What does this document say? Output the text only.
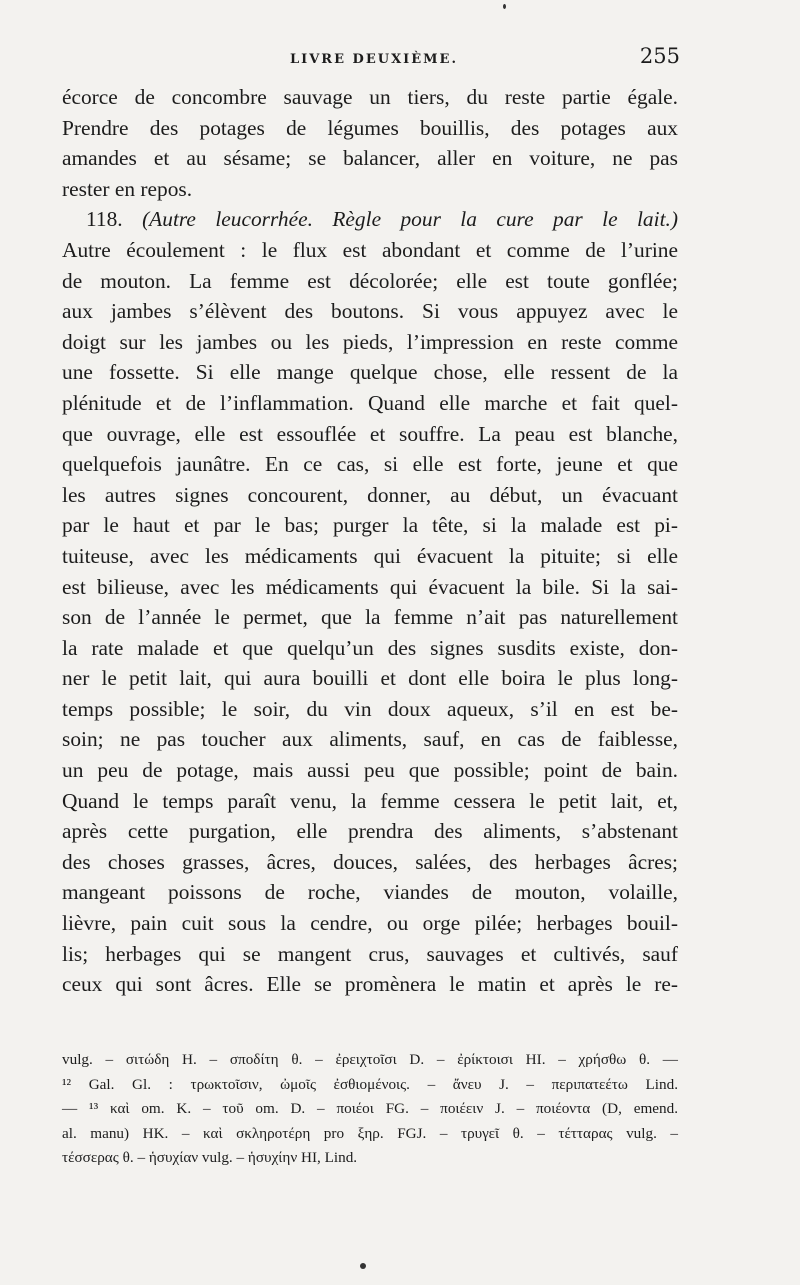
LIVRE DEUXIÈME.	255
écorce de concombre sauvage un tiers, du reste partie égale.
Prendre des potages de légumes bouillis, des potages aux
amandes et au sésame; se balancer, aller en voiture, ne pas
rester en repos.
118. (Autre leucorrhée. Règle pour la cure par le lait.)
Autre écoulement : le flux est abondant et comme de l’urine
de mouton. La femme est décolorée; elle est toute gonflée;
aux jambes s’élèvent des boutons. Si vous appuyez avec le
doigt sur les jambes ou les pieds, l’impression en reste comme
une fossette. Si elle mange quelque chose, elle ressent de la
plénitude et de l’inflammation. Quand elle marche et fait quel-
que ouvrage, elle est essouflée et souffre. La peau est blanche,
quelquefois jaunâtre. En ce cas, si elle est forte, jeune et que
les autres signes concourent, donner, au début, un évacuant
par le haut et par le bas; purger la tête, si la malade est pi-
tuiteuse, avec les médicaments qui évacuent la pituite; si elle
est bilieuse, avec les médicaments qui évacuent la bile. Si la sai-
son de l’année le permet, que la femme n’ait pas naturellement
la rate malade et que quelqu’un des signes susdits existe, don-
ner le petit lait, qui aura bouilli et dont elle boira le plus long-
temps possible; le soir, du vin doux aqueux, s’il en est be-
soin; ne pas toucher aux aliments, sauf, en cas de faiblesse,
un peu de potage, mais aussi peu que possible; point de bain.
Quand le temps paraît venu, la femme cessera le petit lait, et,
après cette purgation, elle prendra des aliments, s’abstenant
des choses grasses, âcres, douces, salées, des herbages âcres;
mangeant poissons de roche, viandes de mouton, volaille,
lièvre, pain cuit sous la cendre, ou orge pilée; herbages bouil-
lis; herbages qui se mangent crus, sauvages et cultivés, sauf
ceux qui sont âcres. Elle se promènera le matin et après le re-
vulg. – σιτώδη H. – σποδίτη θ. – ἐρειχτοῖσι D. – ἐρίκτοισι HI. – χρήσθω θ. —
¹² Gal. Gl. : τρωκτοῖσιν, ὠμοῖς ἐσθιομένοις. – ἄνευ J. – περιπατεέτω Lind.
— ¹³ καὶ om. K. – τοῦ om. D. – ποιέοι FG. – ποιέειν J. – ποιέοντα (D, emend.
al. manu) HK. – καὶ σκληροτέρη pro ξηρ. FGJ. – τρυγεῖ θ. – τέτταρας vulg. –
τέσσερας θ. – ἡσυχίαν vulg. – ἡσυχίην HI, Lind.
